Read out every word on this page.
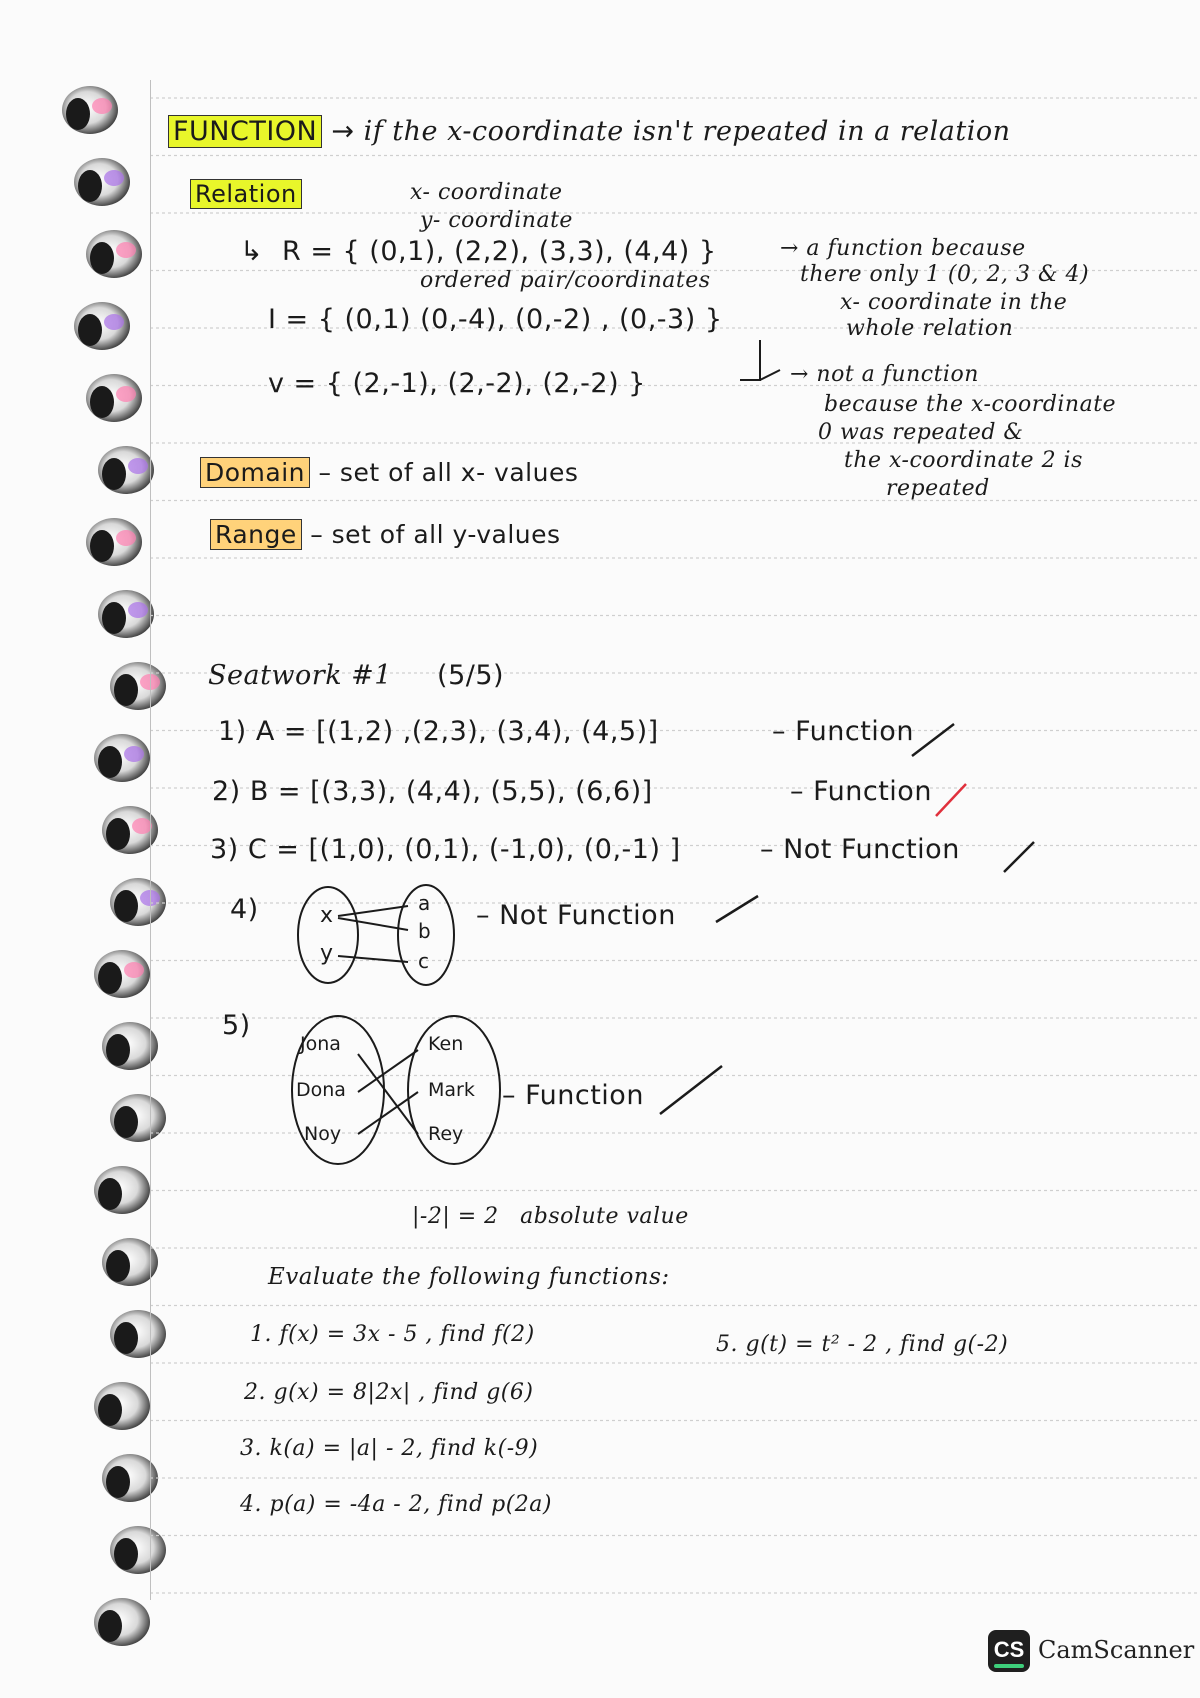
FUNCTION → if the x-coordinate isn't repeated in a relation
Relation	x- coordinate
y- coordinate
↳ R = { (0,1), (2,2), (3,3), (4,4) }
ordered pair/coordinates
→ a function because
there only 1 (0, 2, 3 & 4)
x- coordinate in the
whole relation
I = { (0,1) (0,-4), (0,-2) , (0,-3) }
v = { (2,-1), (2,-2), (2,-2) }	→ not a function
because the x-coordinate
0 was repeated &
the x-coordinate 2 is
repeated
Domain – set of all x- values
Range – set of all y-values
Seatwork #1 (5/5)
1) A = [(1,2) ,(2,3), (3,4), (4,5)]	– Function
2) B = [(3,3), (4,4), (5,5), (6,6)]	– Function
3) C = [(1,0), (0,1), (-1,0), (0,-1) ]	– Not Function
4)	– Not Function
5)
– Function
x
y
a
b
c
Jona
Dona
Noy
Ken
Mark
Rey
|-2| = 2 absolute value
Evaluate the following functions:
1. f(x) = 3x - 5 , find f(2)
2. g(x) = 8|2x| , find g(6)
3. k(a) = |a| - 2, find k(-9)
4. p(a) = -4a - 2, find p(2a)
5. g(t) = t² - 2 , find g(-2)
CS CamScanner
